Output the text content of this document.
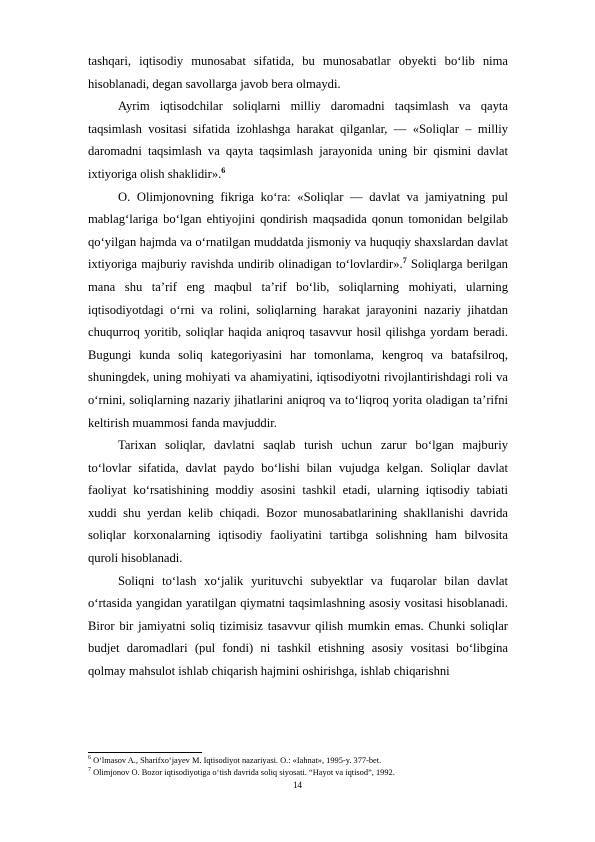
tashqari, iqtisodiy munosabat sifatida, bu munosabatlar obyekti bo‘lib nima hisoblanadi, degan savollarga javob bera olmaydi.

Ayrim iqtisodchilar soliqlarni milliy daromadni taqsimlash va qayta taqsimlash vositasi sifatida izohlashga harakat qilganlar, — «Soliqlar – milliy daromadni taqsimlash va qayta taqsimlash jarayonida uning bir qismini davlat ixtiyoriga olish shaklidir».$^6$

O. Olimjonovning fikriga ko‘ra: «Soliqlar — davlat va jamiyatning pul mablag‘lariga bo‘lgan ehtiyojini qondirish maqsadida qonun tomonidan belgilab qo‘yilgan hajmda va o‘rnatilgan muddatda jismoniy va huquqiy shaxslardan davlat ixtiyoriga majburiy ravishda undirib olinadigan to‘lovlardir».$^7$ Soliqlarga berilgan mana shu ta’rif eng maqbul ta’rif bo‘lib, soliqlarning mohiyati, ularning iqtisodiyotdagi o‘rni va rolini, soliqlarning harakat jarayonini nazariy jihatdan chuqurroq yoritib, soliqlar haqida aniqroq tasavvur hosil qilishga yordam beradi. Bugungi kunda soliq kategoriyasini har tomonlama, kengroq va batafsilroq, shuningdek, uning mohiyati va ahamiyatini, iqtisodiyotni rivojlantirishdagi roli va o‘rnini, soliqlarning nazariy jihatlarini aniqroq va to‘liqroq yorita oladigan ta’rifni keltirish muammosi fanda mavjuddir.

Tarixan soliqlar, davlatni saqlab turish uchun zarur bo‘lgan majburiy to‘lovlar sifatida, davlat paydo bo‘lishi bilan vujudga kelgan. Soliqlar davlat faoliyat ko‘rsatishining moddiy asosini tashkil etadi, ularning iqtisodiy tabiati xuddi shu yerdan kelib chiqadi. Bozor munosabatlarining shakllanishi davrida soliqlar korxonalarning iqtisodiy faoliyatini tartibga solishning ham bilvosita quroli hisoblanadi.

Soliqni to‘lash xo‘jalik yurituvchi subyektlar va fuqarolar bilan davlat o‘rtasida yangidan yaratilgan qiymatni taqsimlashning asosiy vositasi hisoblanadi. Biror bir jamiyatni soliq tizimisiz tasavvur qilish mumkin emas. Chunki soliqlar budjet daromadlari (pul fondi) ni tashkil etishning asosiy vositasi bo‘libgina qolmay mahsulot ishlab chiqarish hajmini oshirishga, ishlab chiqarishni

$^6$ O‘lmasov A., Sharifxo‘jayev M. Iqtisodiyot nazariyasi. O.: «Iahnat», 1995-y. 377-bet.

$^7$ Olimjonov O. Bozor iqtisodiyotiga o‘tish davrida soliq siyosati. “Hayot va iqtisod”, 1992.

14
